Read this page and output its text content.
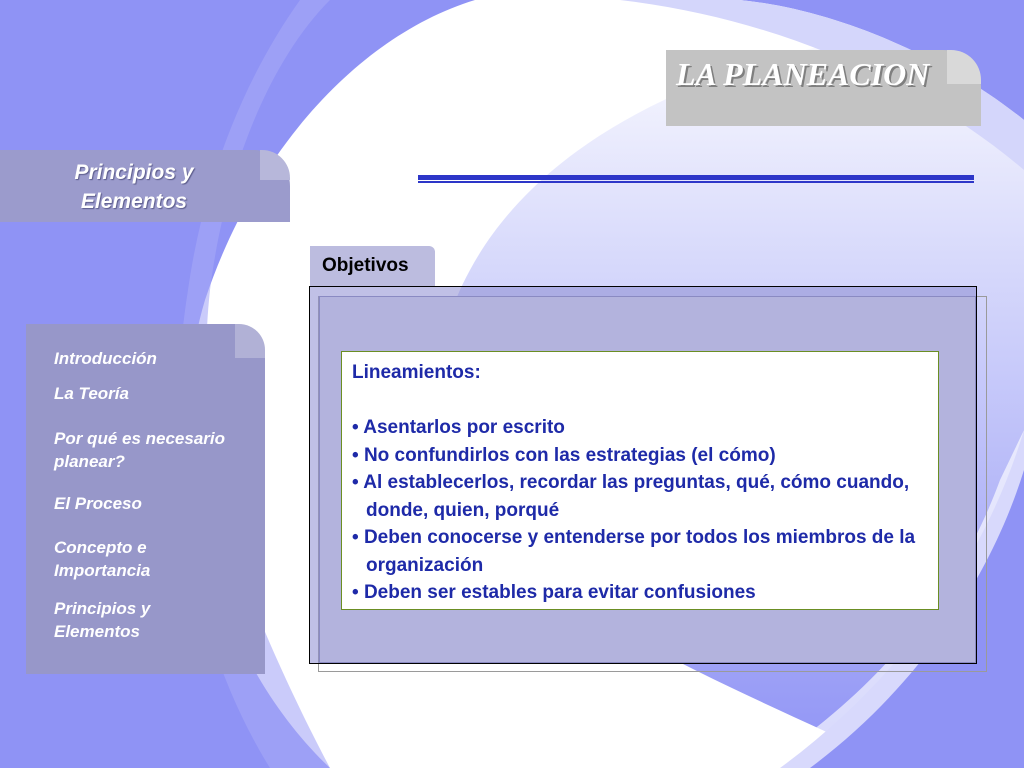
LA PLANEACION
Principios y
Elementos
Introducción
La Teoría
Por qué es necesario
planear?
El Proceso
Concepto e
Importancia
Principios y
Elementos
Objetivos
Lineamientos:
• Asentarlos por escrito
• No confundirlos con las estrategias (el cómo)
• Al establecerlos, recordar las preguntas, qué, cómo cuando, donde, quien, porqué
• Deben conocerse y entenderse por todos los miembros de la organización
• Deben ser estables para evitar confusiones
